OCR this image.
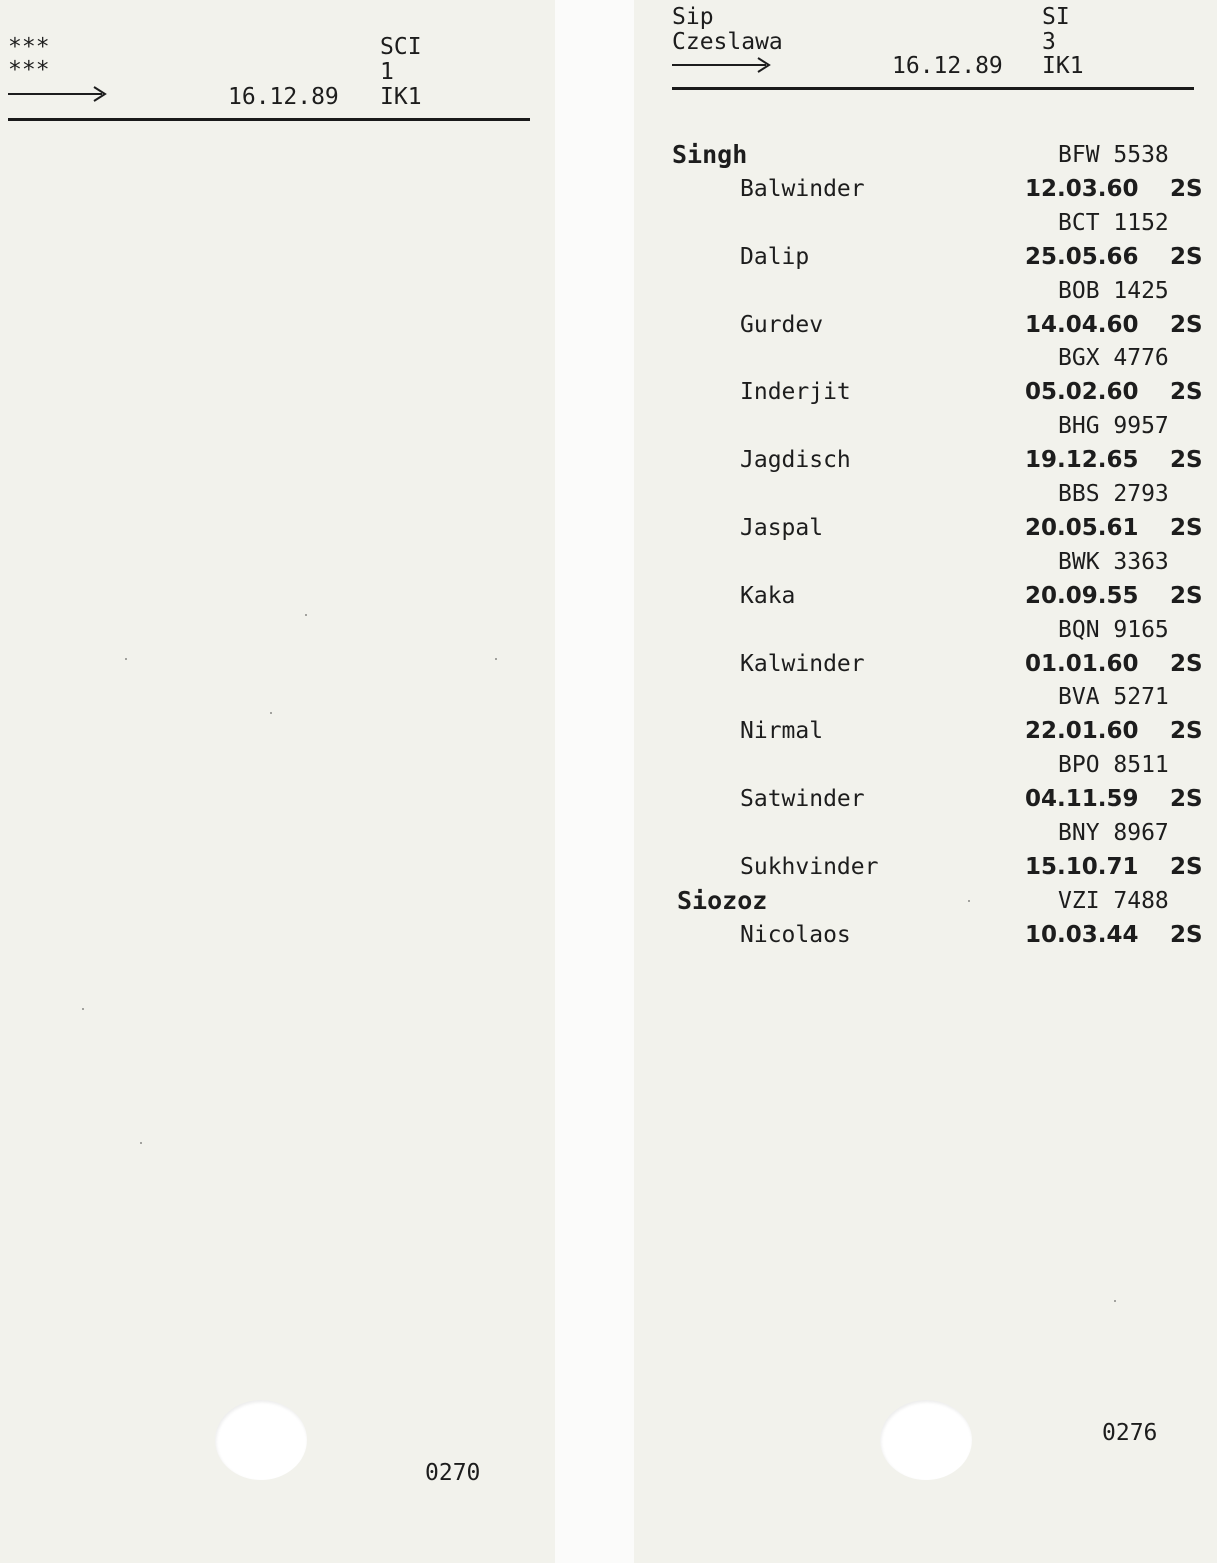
***
***
SCI
1
16.12.89 IK1
0270
Sip
Czeslawa
SI
3
16.12.89 IK1
Singh
Balwinder
BFW 5538
12.03.60 2S
Dalip
BCT 1152
25.05.66 2S
Gurdev
BOB 1425
14.04.60 2S
Inderjit
BGX 4776
05.02.60 2S
Jagdisch
BHG 9957
19.12.65 2S
Jaspal
BBS 2793
20.05.61 2S
Kaka
BWK 3363
20.09.55 2S
Kalwinder
BQN 9165
01.01.60 2S
Nirmal
BVA 5271
22.01.60 2S
Satwinder
BPO 8511
04.11.59 2S
Sukhvinder
BNY 8967
15.10.71 2S
Siozoz
Nicolaos
VZI 7488
10.03.44 2S
0276
